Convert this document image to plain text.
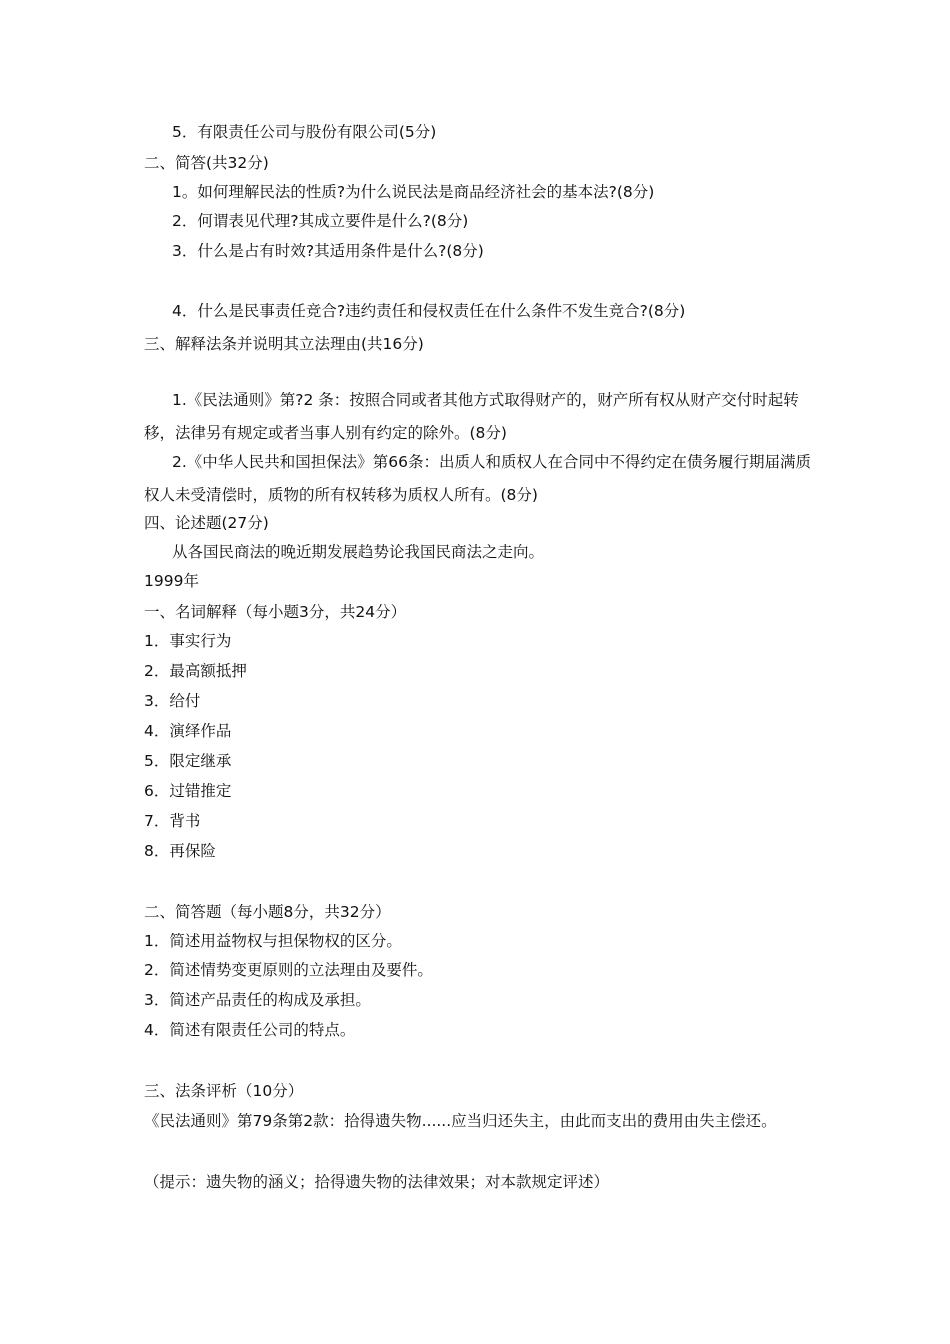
5．有限责任公司与股份有限公司(5分)
二、简答(共32分)
1。如何理解民法的性质?为什么说民法是商品经济社会的基本法?(8分)
2．何谓表见代理?其成立要件是什么?(8分)
3．什么是占有时效?其适用条件是什么?(8分)
4．什么是民事责任竞合?违约责任和侵权责任在什么条件不发生竞合?(8分)
三、解释法条并说明其立法理由(共16分)
1.《民法通则》第?2 条：按照合同或者其他方式取得财产的，财产所有权从财产交付时起转移，法律另有规定或者当事人别有约定的除外。(8分)
2.《中华人民共和国担保法》第66条：出质人和质权人在合同中不得约定在债务履行期届满质权人未受清偿时，质物的所有权转移为质权人所有。(8分)
四、论述题(27分)
从各国民商法的晚近期发展趋势论我国民商法之走向。
1999年
一、名词解释（每小题3分，共24分）
1．事实行为
2．最高额抵押
3．给付
4．演绎作品
5．限定继承
6．过错推定
7．背书
8．再保险
二、简答题（每小题8分，共32分）
1．简述用益物权与担保物权的区分。
2．简述情势变更原则的立法理由及要件。
3．简述产品责任的构成及承担。
4．简述有限责任公司的特点。
三、法条评析（10分）
《民法通则》第79条第2款：拾得遗失物......应当归还失主，由此而支出的费用由失主偿还。
（提示：遗失物的涵义；拾得遗失物的法律效果；对本款规定评述）
